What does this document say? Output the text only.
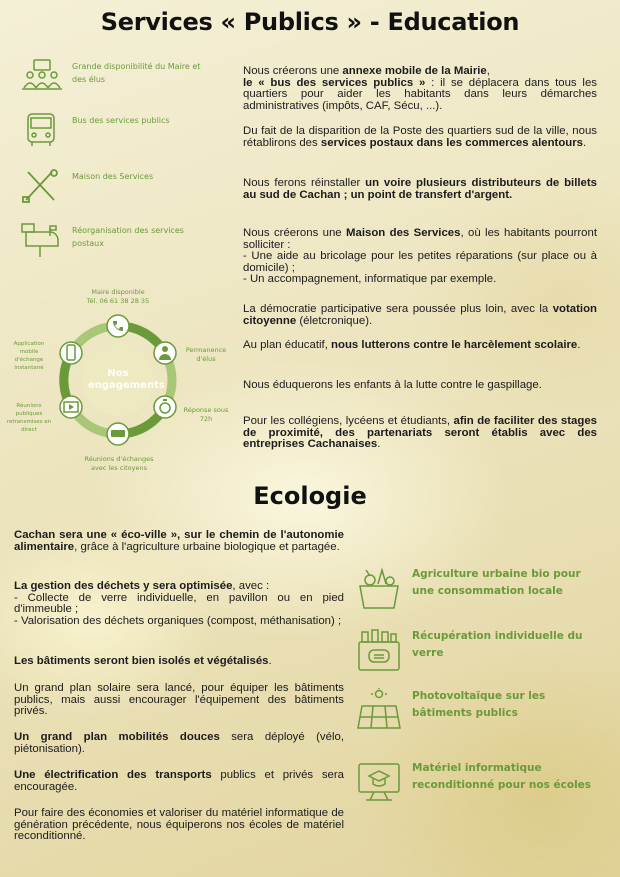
Services « Publics » - Education
Ecologie
Grande disponibilité du Maire et des élus
Bus des services publics
Maison des Services
Réorganisation des services postaux
Nos
engagements
Maire disponible
Tél. 06 61 38 28 35
Permanence d'élus
Réponse sous 72h
Réunions d'échanges avec les citoyens
Réunions publiques retransmises en direct
Application mobile d'échange instantané
Nous créerons une annexe mobile de la Mairie,
le « bus des services publics » : il se déplacera dans tous les quartiers pour aider les habitants dans leurs démarches administratives (impôts, CAF, Sécu, ...).
Du fait de la disparition de la Poste des quartiers sud de la ville, nous rétablirons des services postaux dans les commerces alentours.
Nous ferons réinstaller un voire plusieurs distributeurs de billets au sud de Cachan ; un point de transfert d'argent.
Nous créerons une Maison des Services, où les habitants pourront solliciter :
- Une aide au bricolage pour les petites réparations (sur place ou à domicile) ;
- Un accompagnement, informatique par exemple.
La démocratie participative sera poussée plus loin, avec la votation citoyenne (életcronique).
Au plan éducatif, nous lutterons contre le harcèlement scolaire.
Nous éduquerons les enfants à la lutte contre le gaspillage.
Pour les collégiens, lycéens et étudiants, afin de faciliter des stages de proximité, des partenariats seront établis avec des entreprises Cachanaises.
Cachan sera une « éco-ville », sur le chemin de l'autonomie alimentaire, grâce à l'agriculture urbaine biologique et partagée.
La gestion des déchets y sera optimisée, avec :
- Collecte de verre individuelle, en pavillon ou en pied d'immeuble ;
- Valorisation des déchets organiques (compost, méthanisation) ;
Les bâtiments seront bien isolés et végétalisés.
Un grand plan solaire sera lancé, pour équiper les bâtiments publics, mais aussi encourager l'équipement des bâtiments privés.
Un grand plan mobilités douces sera déployé (vélo, piétonisation).
Une électrification des transports publics et privés sera encouragée.
Pour faire des économies et valoriser du matériel informatique de génération précédente, nous équiperons nos écoles de matériel reconditionné.
Agriculture urbaine bio pour une consommation locale
Récupération individuelle du verre
Photovoltaïque sur les bâtiments publics
Matériel informatique reconditionné pour nos écoles
